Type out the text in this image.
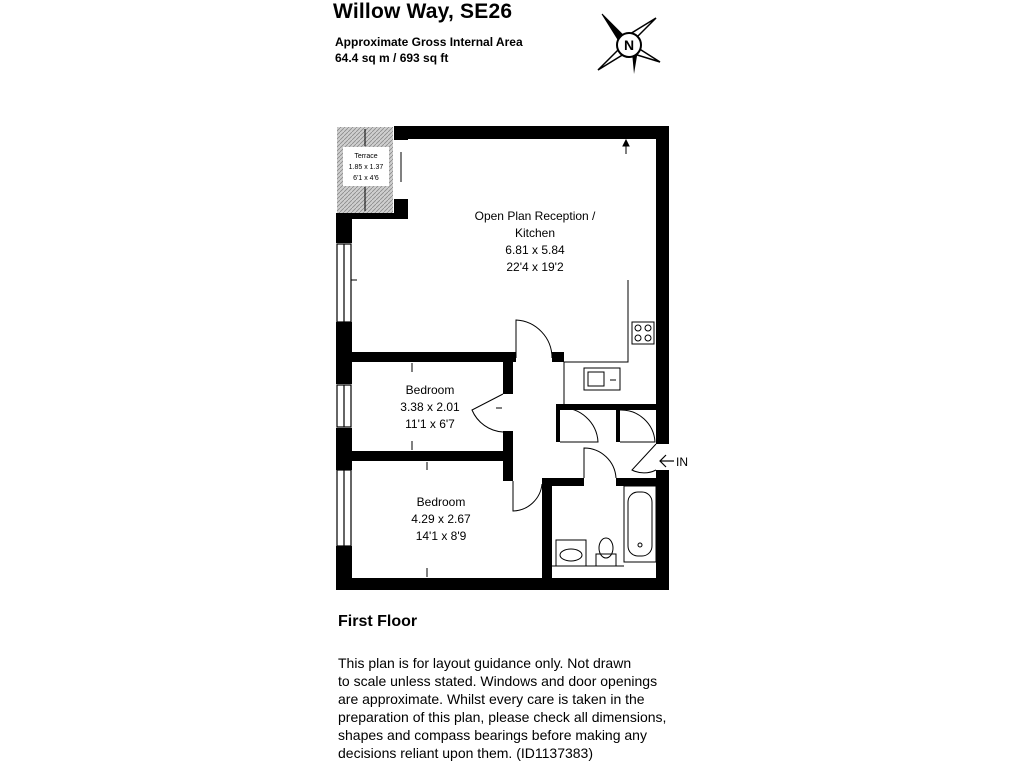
Willow Way, SE26
Approximate Gross Internal Area
64.4 sq m / 693 sq ft
N
Terrace
1.85 x 1.37
6'1 x 4'6
Open Plan Reception /
Kitchen
6.81 x 5.84
22'4 x 19'2
Bedroom
3.38 x 2.01
11'1 x 6'7
Bedroom
4.29 x 2.67
14'1 x 8'9
IN
First Floor
This plan is for layout guidance only. Not drawn
to scale unless stated. Windows and door openings
are approximate. Whilst every care is taken in the
preparation of this plan, please check all dimensions,
shapes and compass bearings before making any
decisions reliant upon them. (ID1137383)
